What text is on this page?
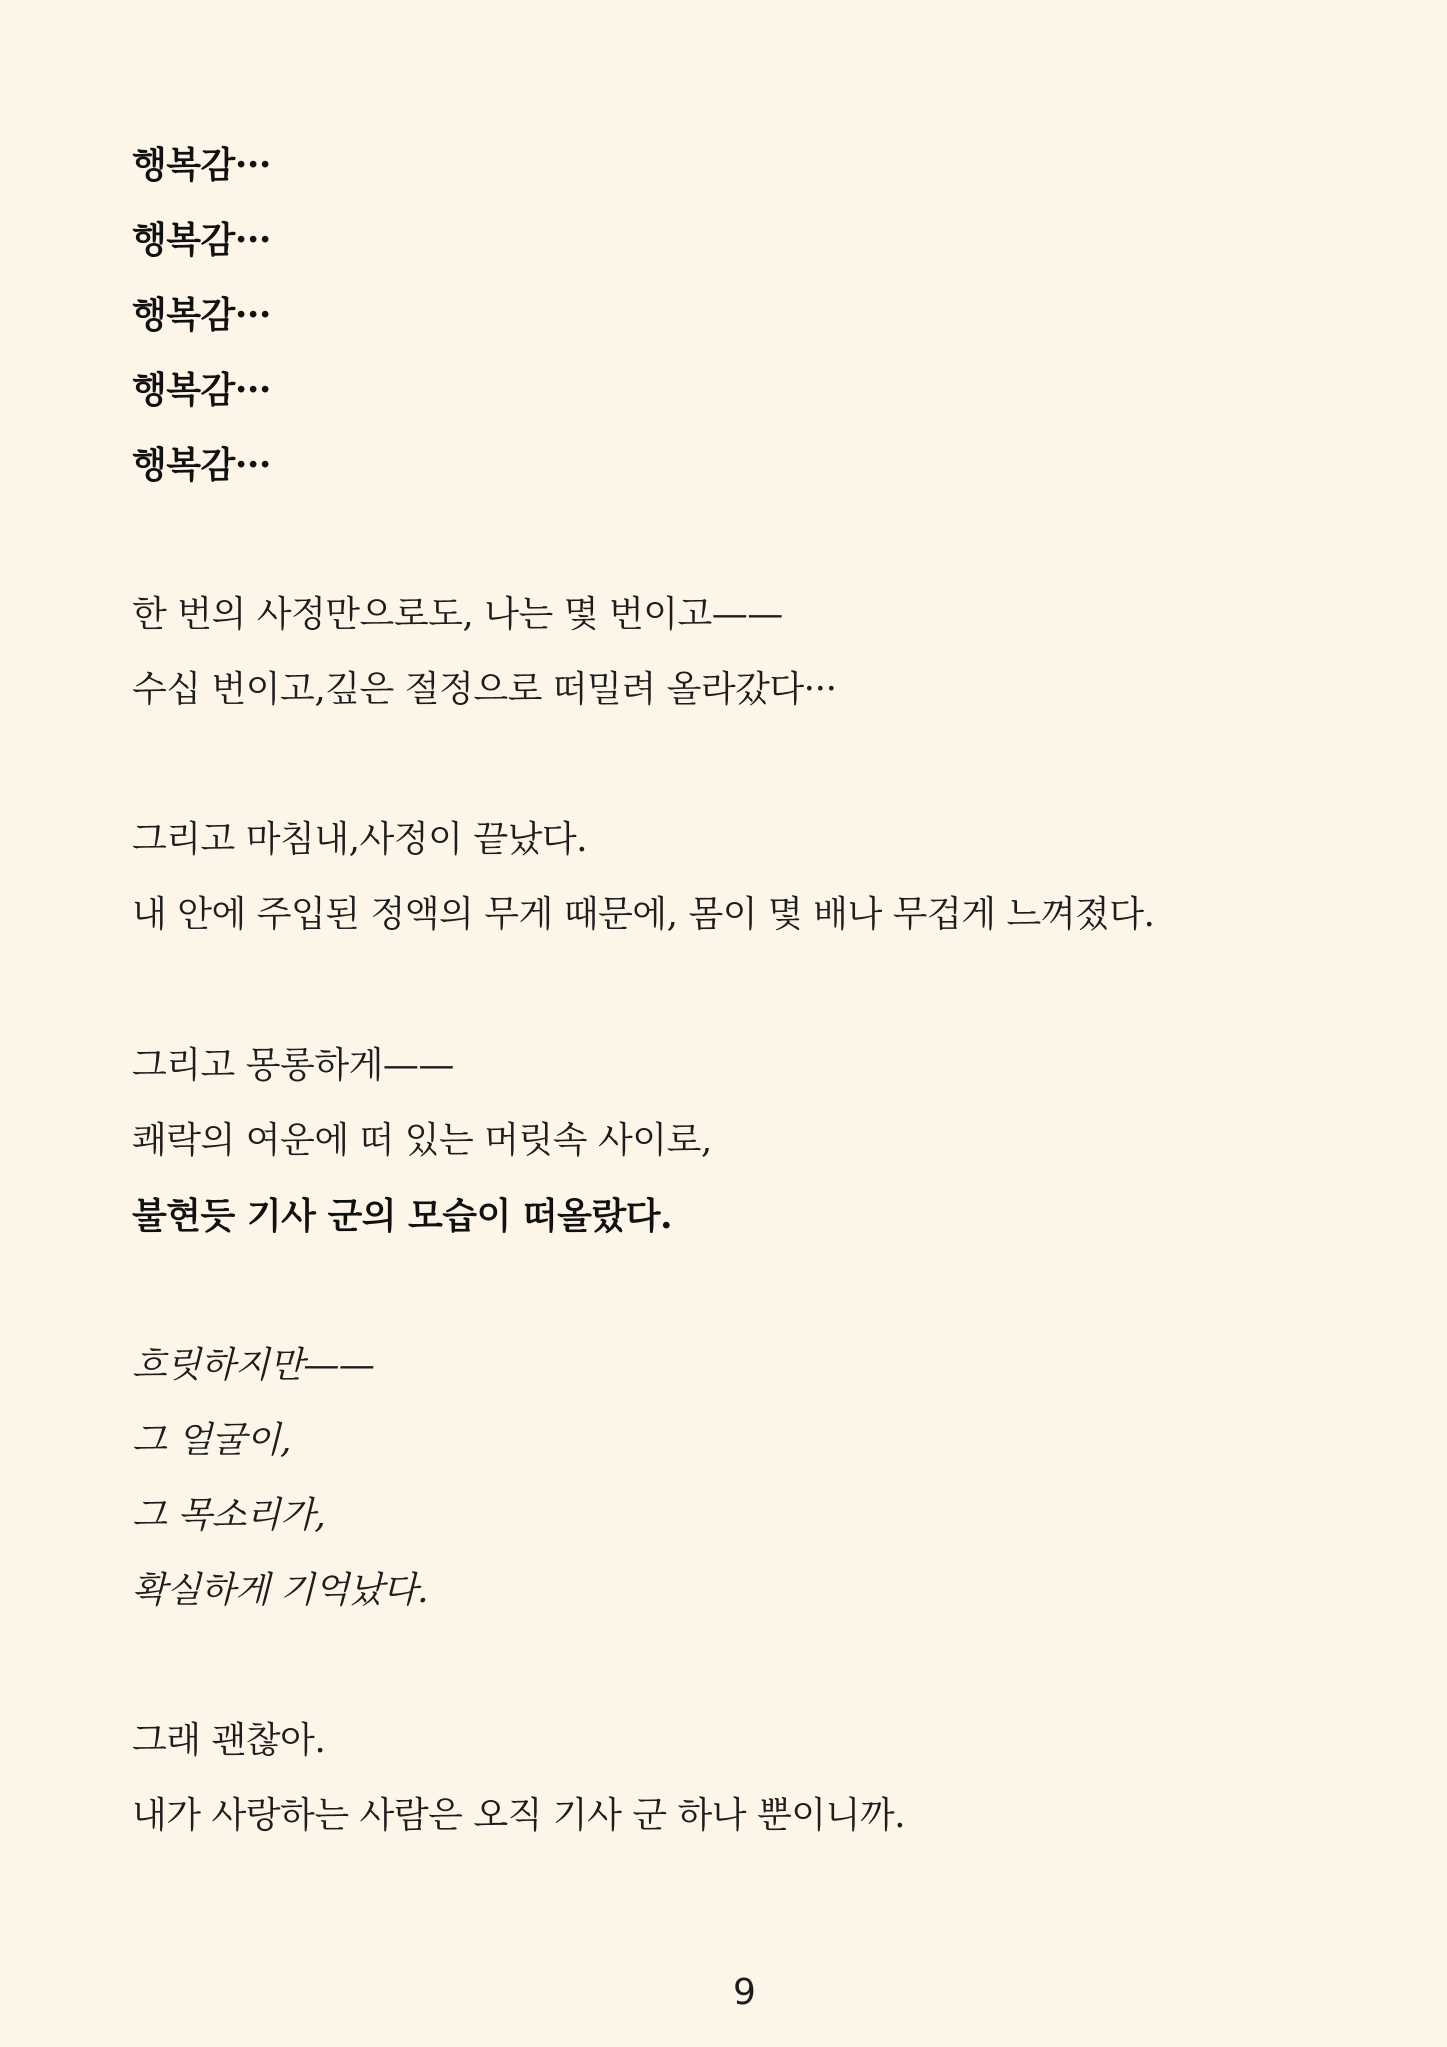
행복감···
행복감···
행복감···
행복감···
행복감···
한 번의 사정만으로도, 나는 몇 번이고——
수십 번이고,깊은 절정으로 떠밀려 올라갔다···
그리고 마침내,사정이 끝났다.
내 안에 주입된 정액의 무게 때문에, 몸이 몇 배나 무겁게 느껴졌다.
그리고 몽롱하게——
쾌락의 여운에 떠 있는 머릿속 사이로,
불현듯 기사 군의 모습이 떠올랐다.
흐릿하지만——
그 얼굴이,
그 목소리가,
확실하게 기억났다.
그래 괜찮아.
내가 사랑하는 사람은 오직 기사 군 하나 뿐이니까.
9
